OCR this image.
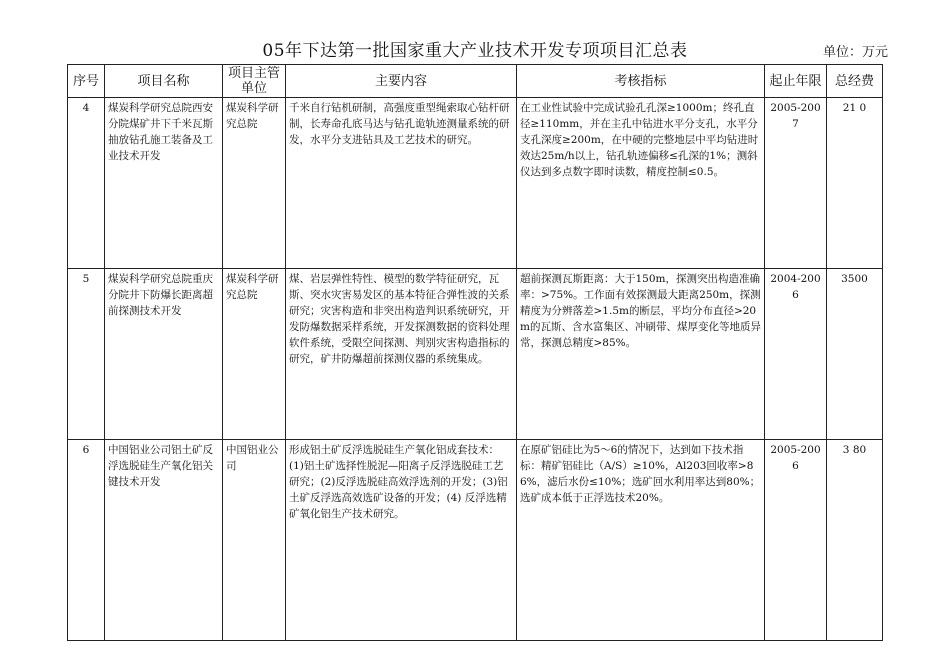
05年下达第一批国家重大产业技术开发专项项目汇总表	单位：万元
序号	项目名称	项目主管单位	主要内容	考核指标	起止年限	总经费
4	煤炭科学研究总院西安分院煤矿井下千米瓦斯抽放钻孔施工装备及工业技术开发	煤炭科学研究总院	千米自行钻机研制，高强度重型绳索取心钻杆研制，长寿命孔底马达与钻孔诡轨迹测量系统的研发，水平分支进钻具及工艺技术的研究。	在工业性试验中完成试验孔孔深≥1000m；终孔直径≥110mm，并在主孔中钻进水平分支孔，水平分支孔深度≥200m，在中硬的完整地层中平均钻进时效达25m/h以上，钻孔轨迹偏移≤孔深的1%；测斜仪达到多点数字即时读数，精度控制≤0.5。	2005-2007	21 0
5	煤炭科学研究总院重庆分院井下防爆长距离超前探测技术开发	煤炭科学研究总院	煤、岩层弹性特性、模型的数学特征研究，瓦斯、突水灾害易发区的基本特征合弹性波的关系研究；灾害构造和非突出构造判识系统研究，开发防爆数据采样系统，开发探测数据的资料处理软件系统，受限空间探测、判别灾害构造指标的研究，矿井防爆超前探测仪器的系统集成。	超前探测瓦斯距离：大于150m，探测突出构造准确率：>75%。工作面有效探测最大距离250m，探测精度为分辨落差>1.5m的断层，平均分布直径>20m的瓦斯、含水富集区、冲刷带、煤厚变化等地质异常，探测总精度>85%。	2004-2006	3500
6	中国铝业公司铝土矿反浮选脱硅生产氧化铝关键技术开发	中国铝业公司	形成铝土矿反浮选脱硅生产氧化铝成套技术：(1)铝土矿选择性脱泥—阳离子反浮选脱硅工艺研究；(2)反浮选脱硅高效浮选剂的开发；(3)铝土矿反浮选高效选矿设备的开发；(4) 反浮选精矿氧化铝生产技术研究。	在原矿铝硅比为5～6的情况下，达到如下技术指标：精矿铝硅比（A/S）≥10%，Al203回收率>86%，滤后水份≤10%；选矿回水利用率达到80%；选矿成本低于正浮选技术20%。	2005-2006	3 80
